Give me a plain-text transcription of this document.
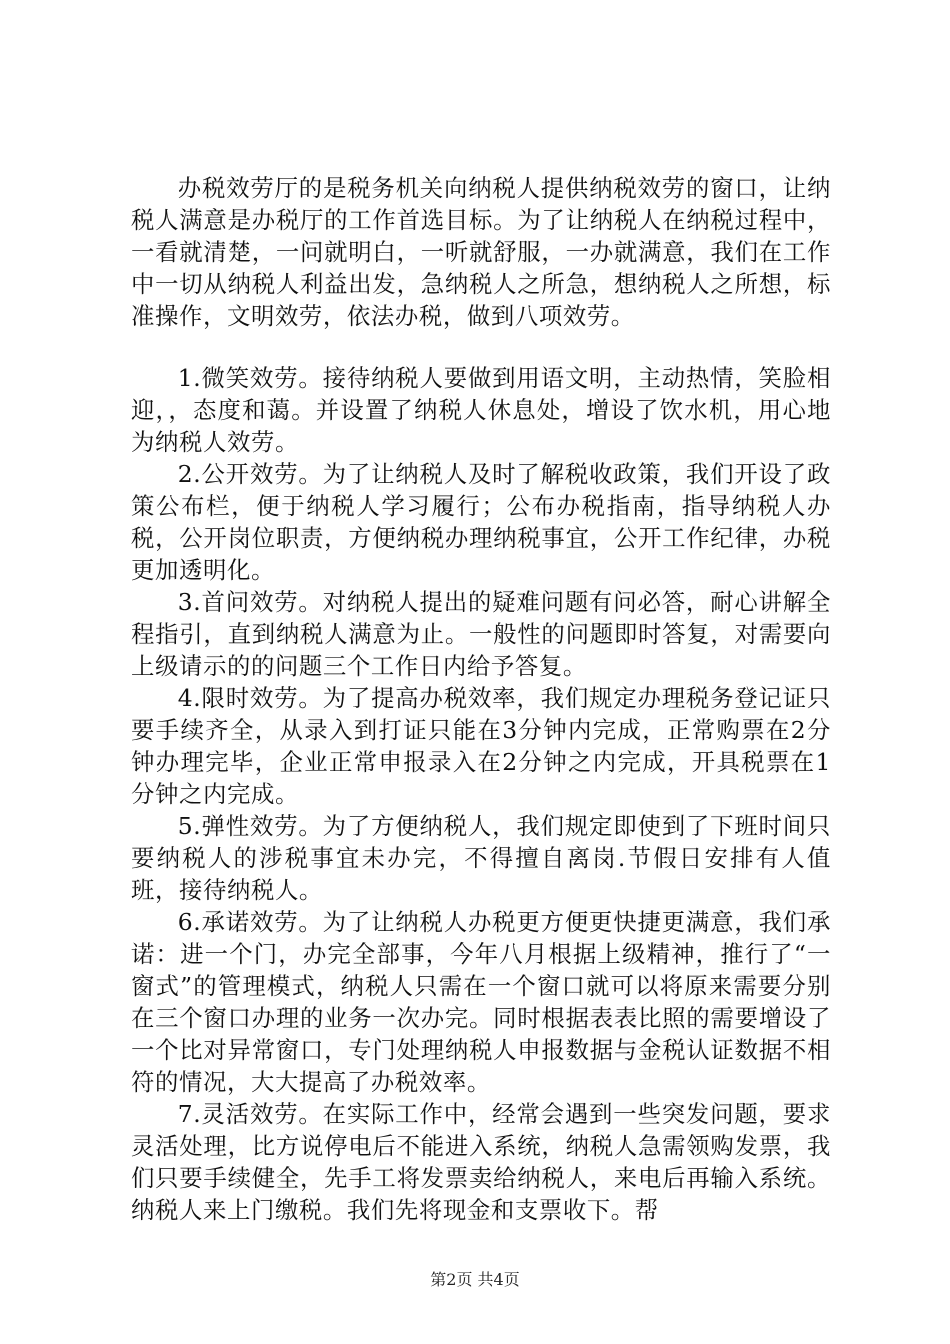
办税效劳厅的是税务机关向纳税人提供纳税效劳的窗口，让纳税人满意是办税厅的工作首选目标。为了让纳税人在纳税过程中，一看就清楚，一问就明白，一听就舒服，一办就满意，我们在工作中一切从纳税人利益出发，急纳税人之所急，想纳税人之所想，标准操作，文明效劳，依法办税，做到八项效劳。

1.微笑效劳。接待纳税人要做到用语文明，主动热情，笑脸相迎，，态度和蔼。并设置了纳税人休息处，增设了饮水机，用心地为纳税人效劳。

2.公开效劳。为了让纳税人及时了解税收政策，我们开设了政策公布栏，便于纳税人学习履行；公布办税指南，指导纳税人办税，公开岗位职责，方便纳税办理纳税事宜，公开工作纪律，办税更加透明化。

3.首问效劳。对纳税人提出的疑难问题有问必答，耐心讲解全程指引，直到纳税人满意为止。一般性的问题即时答复，对需要向上级请示的的问题三个工作日内给予答复。

4.限时效劳。为了提高办税效率，我们规定办理税务登记证只要手续齐全，从录入到打证只能在3分钟内完成，正常购票在2分钟办理完毕，企业正常申报录入在2分钟之内完成，开具税票在1分钟之内完成。

5.弹性效劳。为了方便纳税人，我们规定即使到了下班时间只要纳税人的涉税事宜未办完，不得擅自离岗.节假日安排有人值班，接待纳税人。

6.承诺效劳。为了让纳税人办税更方便更快捷更满意，我们承诺：进一个门，办完全部事，今年八月根据上级精神，推行了“一窗式”的管理模式，纳税人只需在一个窗口就可以将原来需要分别在三个窗口办理的业务一次办完。同时根据表表比照的需要增设了一个比对异常窗口，专门处理纳税人申报数据与金税认证数据不相符的情况，大大提高了办税效率。

7.灵活效劳。在实际工作中，经常会遇到一些突发问题，要求灵活处理，比方说停电后不能进入系统，纳税人急需领购发票，我们只要手续健全，先手工将发票卖给纳税人，来电后再输入系统。纳税人来上门缴税。我们先将现金和支票收下。帮

第2页 共4页
